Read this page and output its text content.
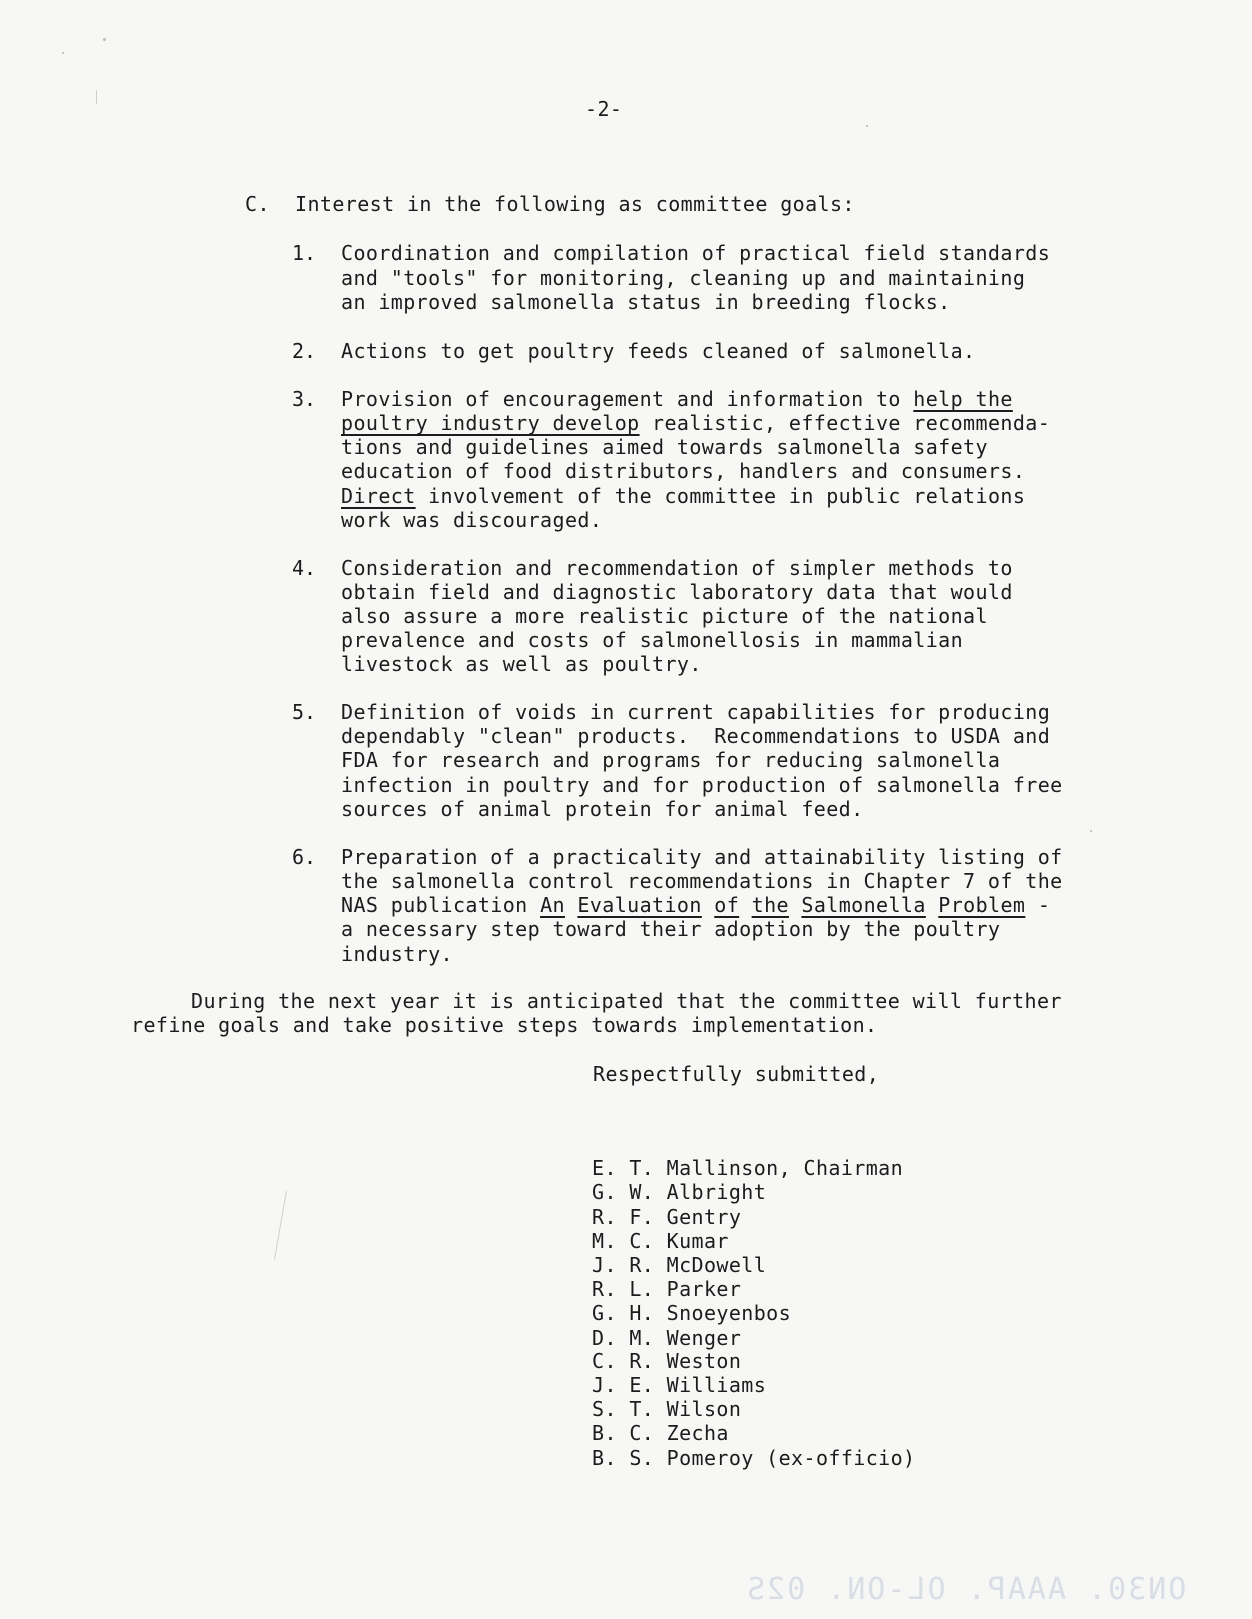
-2-
C. Interest in the following as committee goals:
1. Coordination and compilation of practical field standards
and "tools" for monitoring, cleaning up and maintaining
an improved salmonella status in breeding flocks.
2. Actions to get poultry feeds cleaned of salmonella.
3. Provision of encouragement and information to help the
poultry industry develop realistic, effective recommenda-
tions and guidelines aimed towards salmonella safety
education of food distributors, handlers and consumers.
Direct involvement of the committee in public relations
work was discouraged.
4. Consideration and recommendation of simpler methods to
obtain field and diagnostic laboratory data that would
also assure a more realistic picture of the national
prevalence and costs of salmonellosis in mammalian
livestock as well as poultry.
5. Definition of voids in current capabilities for producing
dependably "clean" products.  Recommendations to USDA and
FDA for research and programs for reducing salmonella
infection in poultry and for production of salmonella free
sources of animal protein for animal feed.
6. Preparation of a practicality and attainability listing of
the salmonella control recommendations in Chapter 7 of the
NAS publication An Evaluation of the Salmonella Problem -
a necessary step toward their adoption by the poultry
industry.
During the next year it is anticipated that the committee will further
refine goals and take positive steps towards implementation.
Respectfully submitted,
E. T. Mallinson, Chairman
G. W. Albright
R. F. Gentry
M. C. Kumar
J. R. McDowell
R. L. Parker
G. H. Snoeyenbos
D. M. Wenger
C. R. Weston
J. E. Williams
S. T. Wilson
B. C. Zecha
B. S. Pomeroy (ex-officio)
ON30. AAAP. OL-ON. 02S
